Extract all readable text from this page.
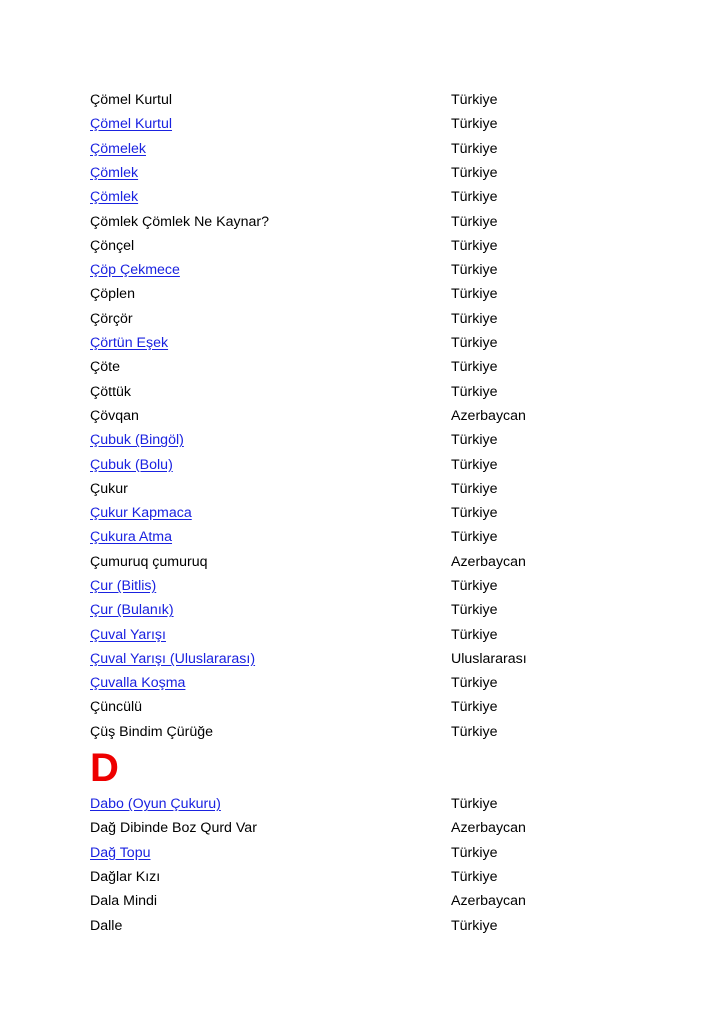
Çömel Kurtul	Türkiye
Çömel Kurtul	Türkiye
Çömelek	Türkiye
Çömlek	Türkiye
Çömlek	Türkiye
Çömlek Çömlek Ne Kaynar?	Türkiye
Çönçel	Türkiye
Çöp Çekmece	Türkiye
Çöplen	Türkiye
Çörçör	Türkiye
Çörtün Eşek	Türkiye
Çöte	Türkiye
Çöttük	Türkiye
Çövqan	Azerbaycan
Çubuk (Bingöl)	Türkiye
Çubuk (Bolu)	Türkiye
Çukur	Türkiye
Çukur Kapmaca	Türkiye
Çukura Atma	Türkiye
Çumuruq çumuruq	Azerbaycan
Çur (Bitlis)	Türkiye
Çur (Bulanık)	Türkiye
Çuval Yarışı	Türkiye
Çuval Yarışı (Uluslararası)	Uluslararası
Çuvalla Koşma	Türkiye
Çüncülü	Türkiye
Çüş Bindim Çürüğe	Türkiye
D
Dabo (Oyun Çukuru)	Türkiye
Dağ Dibinde Boz Qurd Var	Azerbaycan
Dağ Topu	Türkiye
Dağlar Kızı	Türkiye
Dala Mindi	Azerbaycan
Dalle	Türkiye
